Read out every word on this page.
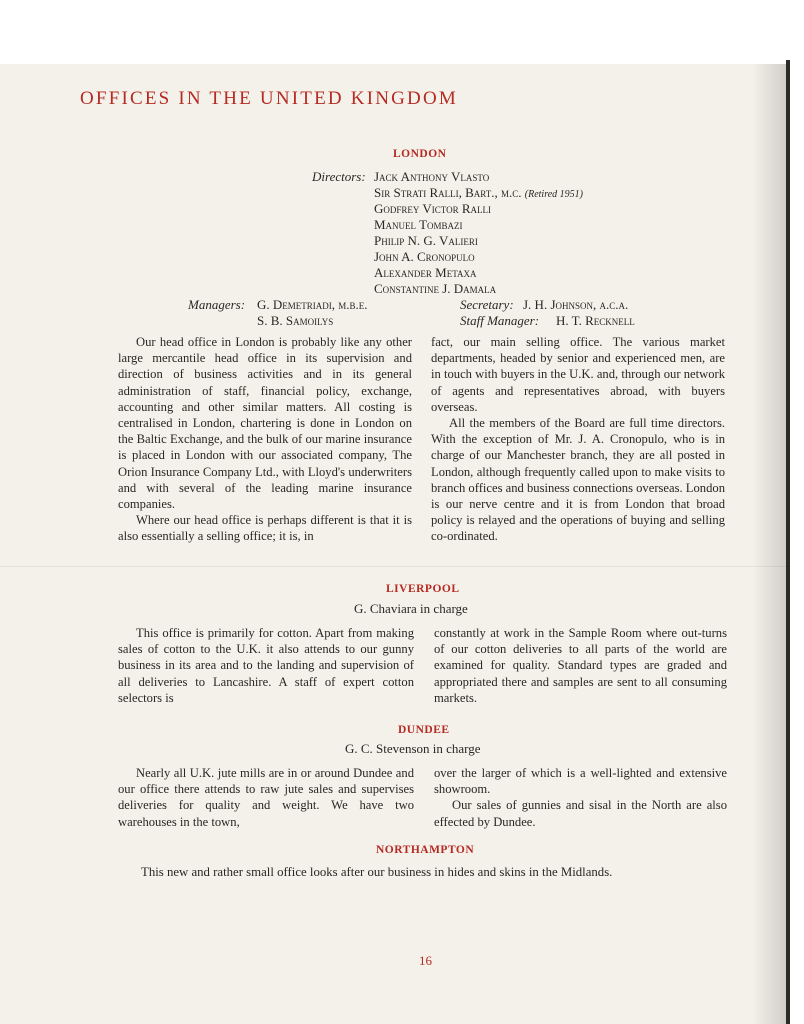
OFFICES IN THE UNITED KINGDOM
LONDON
Directors: Jack Anthony Vlasto
Sir Strati Ralli, Bart., m.c. (Retired 1951)
Godfrey Victor Ralli
Manuel Tombazi
Philip N. G. Valieri
John A. Cronopulo
Alexander Metaxa
Constantine J. Damala
Managers: G. Demetriadi, m.b.e.
S. B. Samoilys
Secretary: J. H. Johnson, a.c.a.
Staff Manager: H. T. Recknell

Our head office in London is probably like any other large mercantile head office in its supervision and direction of business activities and in its general administration of staff, financial policy, exchange, accounting and other similar matters. All costing is centralised in London, chartering is done in London on the Baltic Exchange, and the bulk of our marine insurance is placed in London with our associated company, The Orion Insurance Company Ltd., with Lloyd's underwriters and with several of the leading marine insurance companies.

Where our head office is perhaps different is that it is also essentially a selling office; it is, in

fact, our main selling office. The various market departments, headed by senior and experienced men, are in touch with buyers in the U.K. and, through our network of agents and representatives abroad, with buyers overseas.

All the members of the Board are full time directors. With the exception of Mr. J. A. Cronopulo, who is in charge of our Manchester branch, they are all posted in London, although frequently called upon to make visits to branch offices and business connections overseas. London is our nerve centre and it is from London that broad policy is relayed and the operations of buying and selling co-ordinated.

LIVERPOOL
G. Chaviara in charge

This office is primarily for cotton. Apart from making sales of cotton to the U.K. it also attends to our gunny business in its area and to the landing and supervision of all deliveries to Lancashire. A staff of expert cotton selectors is

constantly at work in the Sample Room where out-turns of our cotton deliveries to all parts of the world are examined for quality. Standard types are graded and appropriated there and samples are sent to all consuming markets.

DUNDEE
G. C. Stevenson in charge

Nearly all U.K. jute mills are in or around Dundee and our office there attends to raw jute sales and supervises deliveries for quality and weight. We have two warehouses in the town,

over the larger of which is a well-lighted and extensive showroom.

Our sales of gunnies and sisal in the North are also effected by Dundee.

NORTHAMPTON
This new and rather small office looks after our business in hides and skins in the Midlands.
16
